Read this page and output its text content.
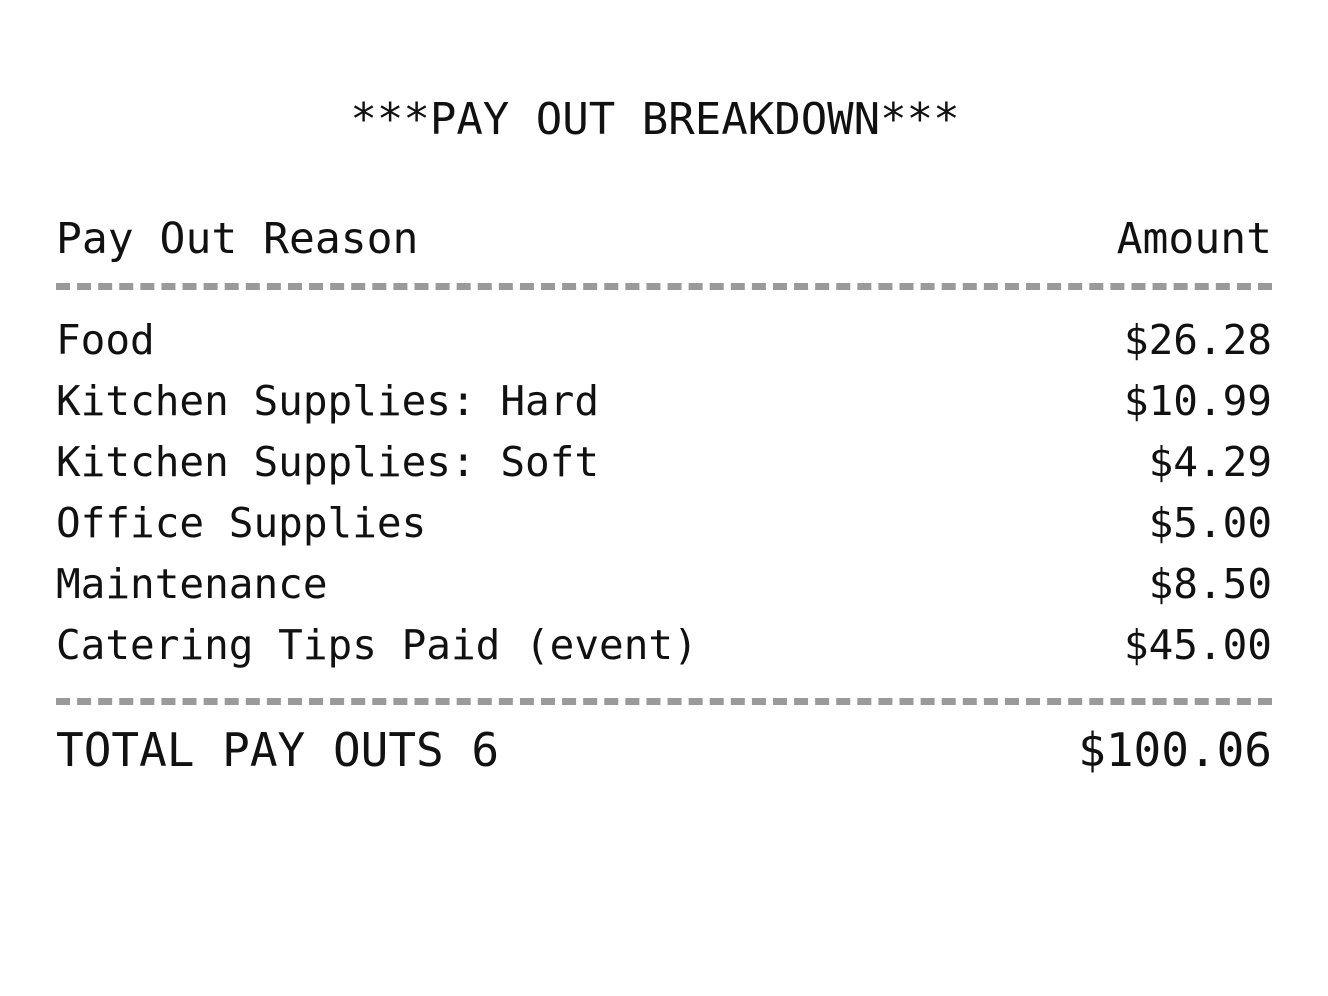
***PAY OUT BREAKDOWN***
Pay Out Reason	Amount
Food	$26.28
Kitchen Supplies: Hard	$10.99
Kitchen Supplies: Soft	$4.29
Office Supplies	$5.00
Maintenance	$8.50
Catering Tips Paid (event)	$45.00
TOTAL PAY OUTS 6	$100.06
